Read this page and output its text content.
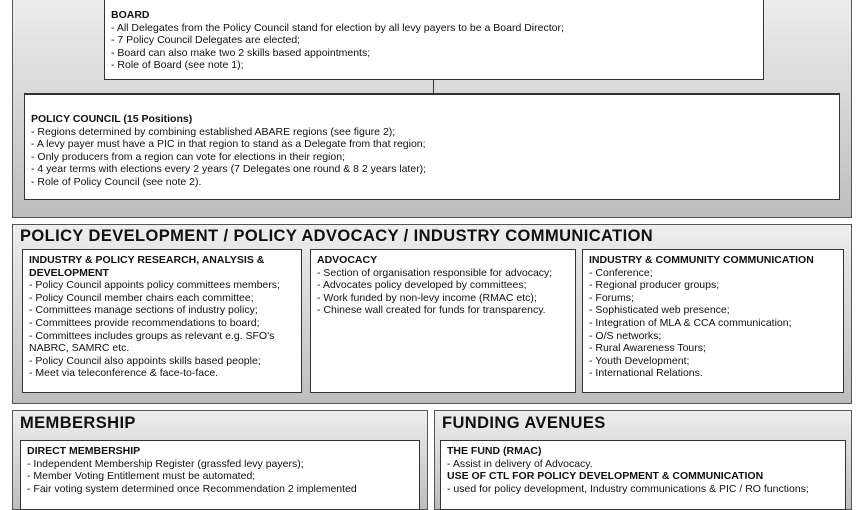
BOARD
- All Delegates from the Policy Council stand for election by all levy payers to be a Board Director;
- 7 Policy Council Delegates are elected;
- Board can also make two 2 skills based appointments;
- Role of Board (see note 1);
POLICY COUNCIL (15 Positions)
- Regions determined by combining established ABARE regions (see figure 2);
- A levy payer must have a PIC in that region to stand as a Delegate from that region;
- Only producers from a region can vote for elections in their region;
- 4 year terms with elections every 2 years (7 Delegates one round & 8 2 years later);
- Role of Policy Council (see note 2).
POLICY DEVELOPMENT / POLICY ADVOCACY / INDUSTRY COMMUNICATION
INDUSTRY & POLICY RESEARCH, ANALYSIS &
DEVELOPMENT
- Policy Council appoints policy committees members;
- Policy Council member chairs each committee;
- Committees manage sections of industry policy;
- Committees provide recommendations to board;
- Committees includes groups as relevant e.g. SFO's
NABRC, SAMRC etc.
- Policy Council also appoints skills based people;
- Meet via teleconference & face-to-face.
ADVOCACY
- Section of organisation responsible for advocacy;
- Advocates policy developed by committees;
- Work funded by non-levy income (RMAC etc);
- Chinese wall created for funds for transparency.
INDUSTRY & COMMUNITY COMMUNICATION
- Conference;
- Regional producer groups;
- Forums;
- Sophisticated web presence;
- Integration of MLA & CCA communication;
- O/S networks;
- Rural Awareness Tours;
- Youth Development;
- International Relations.
MEMBERSHIP
DIRECT MEMBERSHIP
- Independent Membership Register (grassfed levy payers);
- Member Voting Entitlement must be automated;
- Fair voting system determined once Recommendation 2 implemented
FUNDING AVENUES
THE FUND (RMAC)
- Assist in delivery of Advocacy.
USE OF CTL FOR POLICY DEVELOPMENT & COMMUNICATION
- used for policy development, Industry communications & PIC / RO functions;
